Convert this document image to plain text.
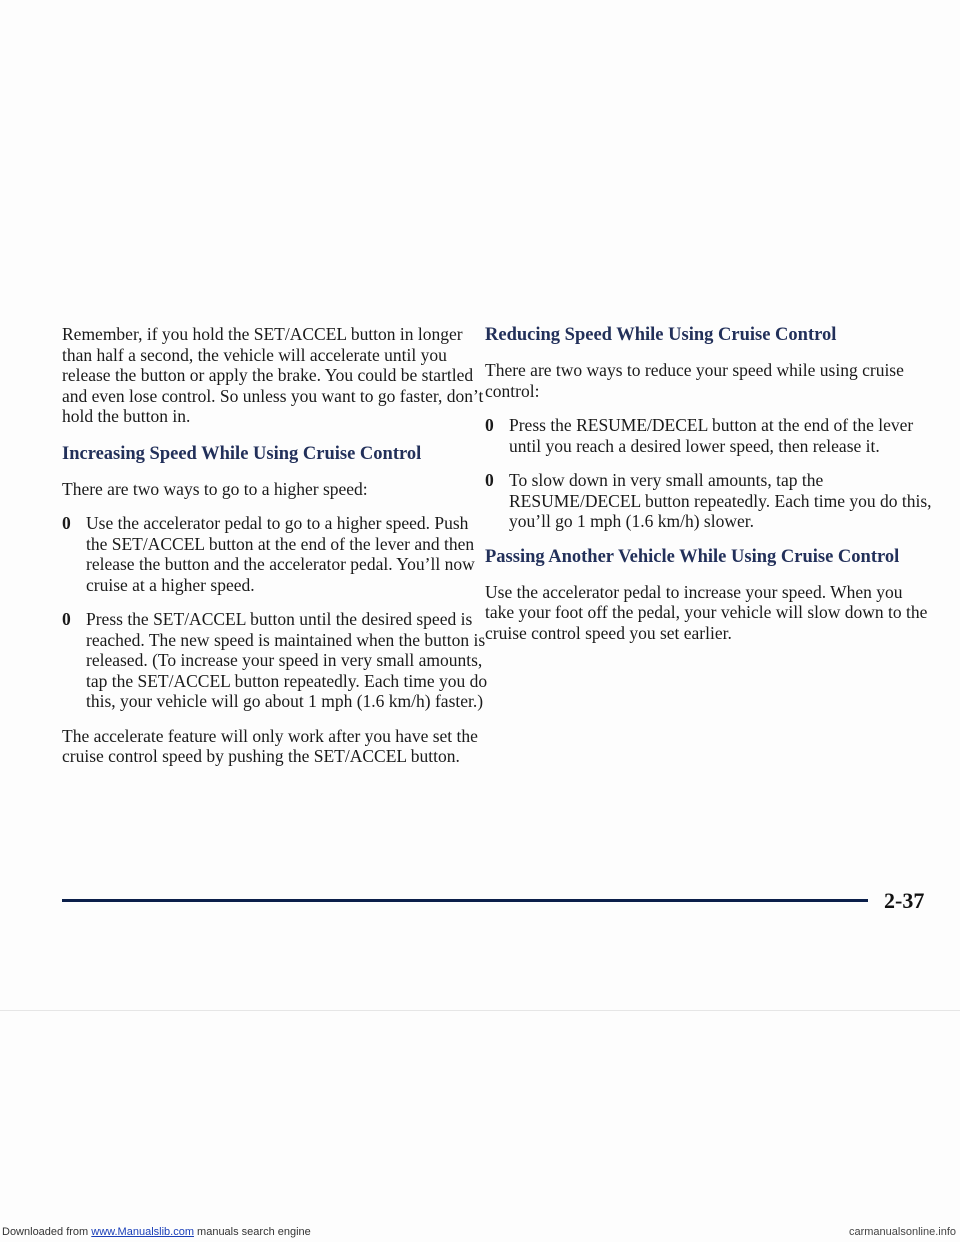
Remember, if you hold the SET/ACCEL button in longer than half a second, the vehicle will accelerate until you release the button or apply the brake. You could be startled and even lose control. So unless you want to go faster, don’t hold the button in.

Increasing Speed While Using Cruise Control

There are two ways to go to a higher speed:

0 Use the accelerator pedal to go to a higher speed. Push the SET/ACCEL button at the end of the lever and then release the button and the accelerator pedal. You’ll now cruise at a higher speed.

0 Press the SET/ACCEL button until the desired speed is reached. The new speed is maintained when the button is released. (To increase your speed in very small amounts, tap the SET/ACCEL button repeatedly. Each time you do this, your vehicle will go about 1 mph (1.6 km/h) faster.)

The accelerate feature will only work after you have set the cruise control speed by pushing the SET/ACCEL button.

Reducing Speed While Using Cruise Control

There are two ways to reduce your speed while using cruise control:

0 Press the RESUME/DECEL button at the end of the lever until you reach a desired lower speed, then release it.

0 To slow down in very small amounts, tap the RESUME/DECEL button repeatedly. Each time you do this, you’ll go 1 mph (1.6 km/h) slower.

Passing Another Vehicle While Using Cruise Control

Use the accelerator pedal to increase your speed. When you take your foot off the pedal, your vehicle will slow down to the cruise control speed you set earlier.

2-37
Downloaded from www.Manualslib.com manuals search engine	carmanualsonline.info
